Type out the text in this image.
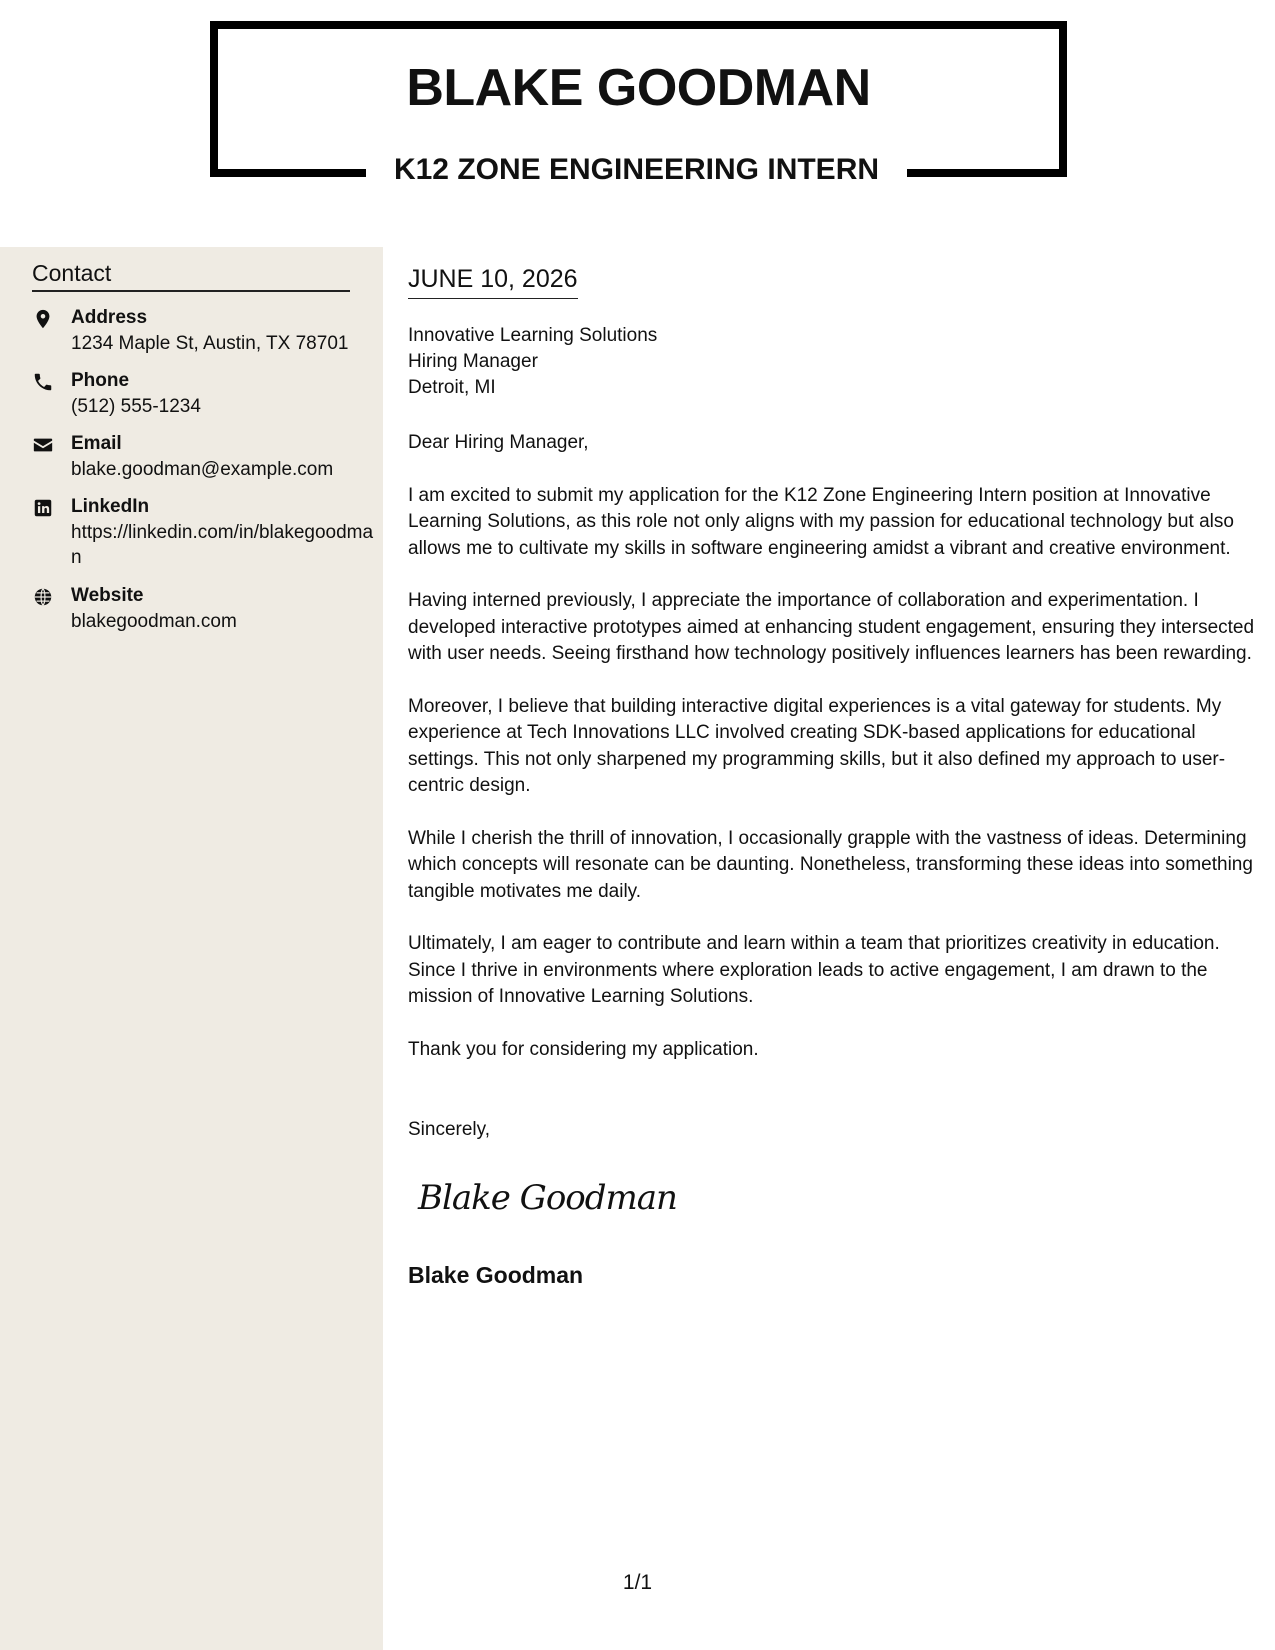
BLAKE GOODMAN
K12 ZONE ENGINEERING INTERN
Contact
Address
1234 Maple St, Austin, TX 78701
Phone
(512) 555-1234
Email
blake.goodman@example.com
LinkedIn
https://linkedin.com/in/blakegoodman
Website
blakegoodman.com
JUNE 10, 2026
Innovative Learning Solutions
Hiring Manager
Detroit, MI

Dear Hiring Manager,

I am excited to submit my application for the K12 Zone Engineering Intern position at Innovative Learning Solutions, as this role not only aligns with my passion for educational technology but also allows me to cultivate my skills in software engineering amidst a vibrant and creative environment.

Having interned previously, I appreciate the importance of collaboration and experimentation. I developed interactive prototypes aimed at enhancing student engagement, ensuring they intersected with user needs. Seeing firsthand how technology positively influences learners has been rewarding.

Moreover, I believe that building interactive digital experiences is a vital gateway for students. My experience at Tech Innovations LLC involved creating SDK-based applications for educational settings. This not only sharpened my programming skills, but it also defined my approach to user-centric design.

While I cherish the thrill of innovation, I occasionally grapple with the vastness of ideas. Determining which concepts will resonate can be daunting. Nonetheless, transforming these ideas into something tangible motivates me daily.

Ultimately, I am eager to contribute and learn within a team that prioritizes creativity in education. Since I thrive in environments where exploration leads to active engagement, I am drawn to the mission of Innovative Learning Solutions.

Thank you for considering my application.

Sincerely,
Blake Goodman
Blake Goodman
1/1
